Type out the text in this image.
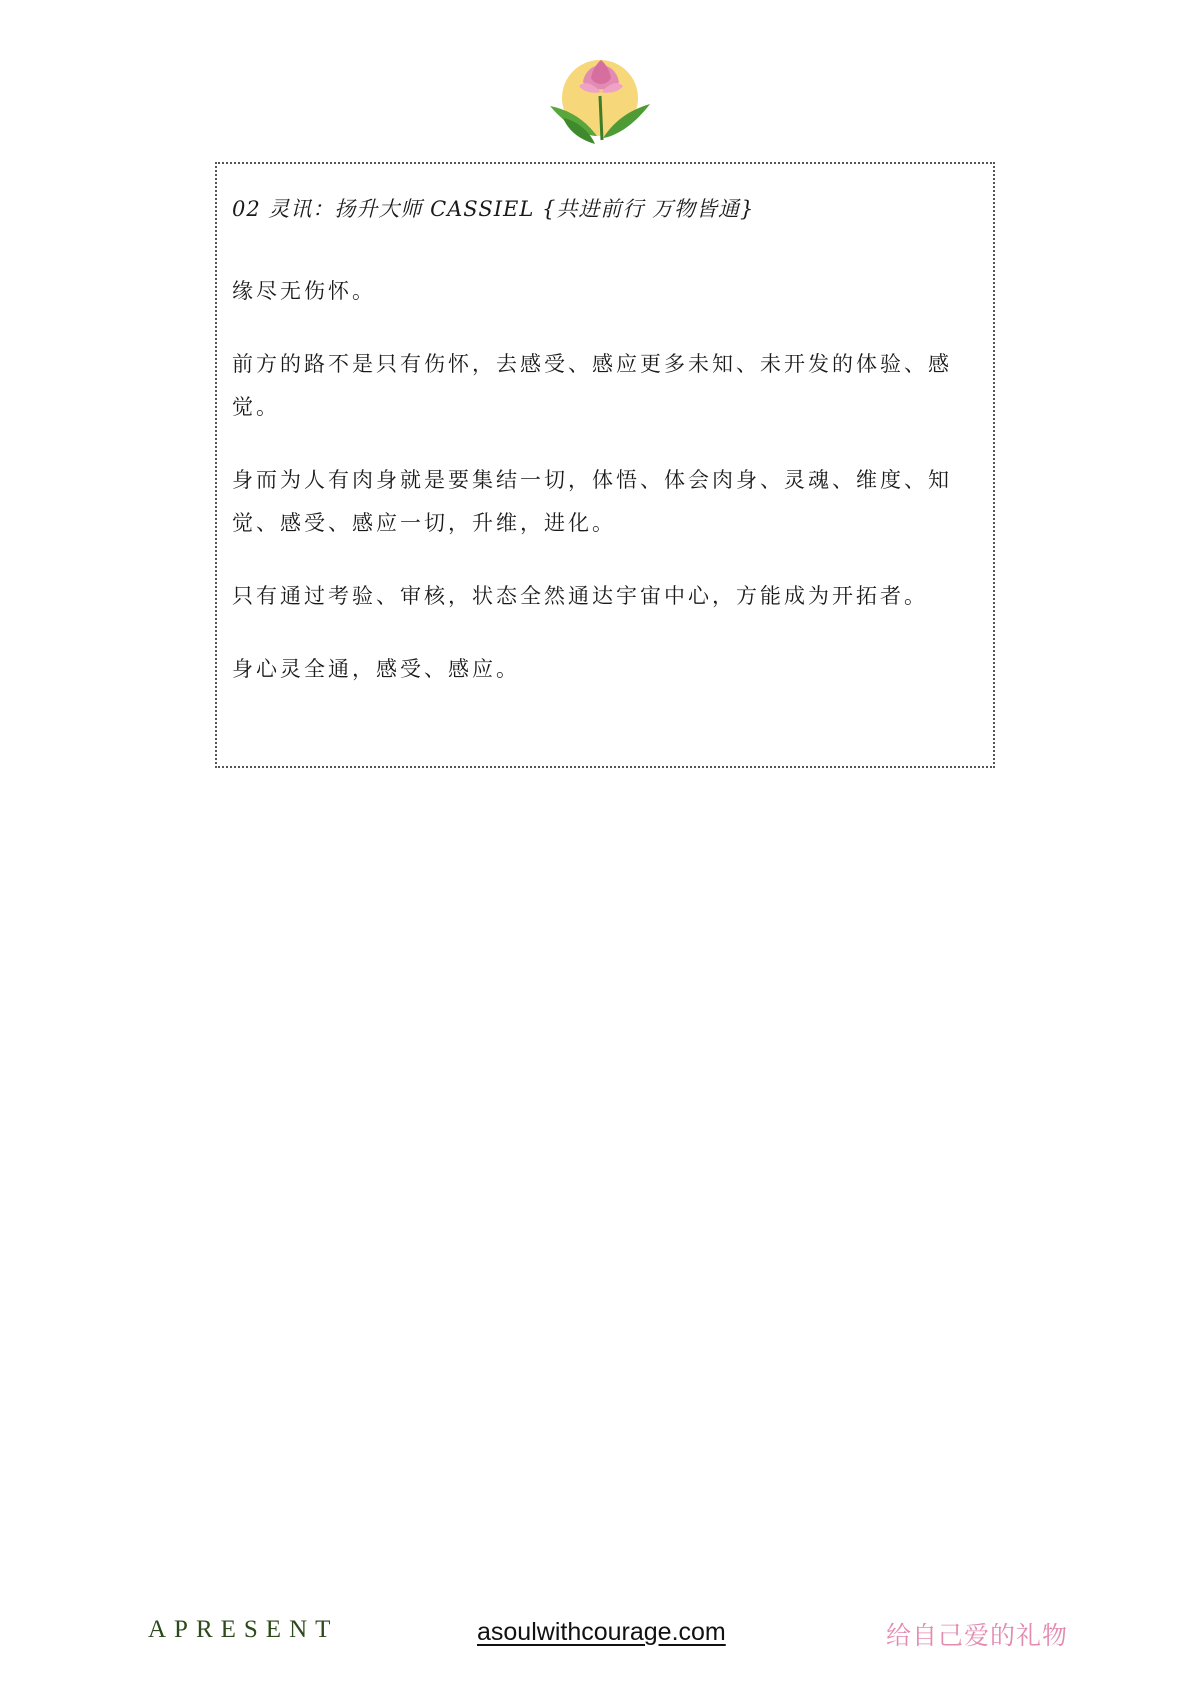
02 灵讯：扬升大师 CASSIEL {共进前行 万物皆通}

缘尽无伤怀。

前方的路不是只有伤怀，去感受、感应更多未知、未开发的体验、感觉。

身而为人有肉身就是要集结一切，体悟、体会肉身、灵魂、维度、知觉、感受、感应一切，升维，进化。

只有通过考验、审核，状态全然通达宇宙中心，方能成为开拓者。

身心灵全通，感受、感应。

APRESENT	asoulwithcourage.com	给自己爱的礼物
